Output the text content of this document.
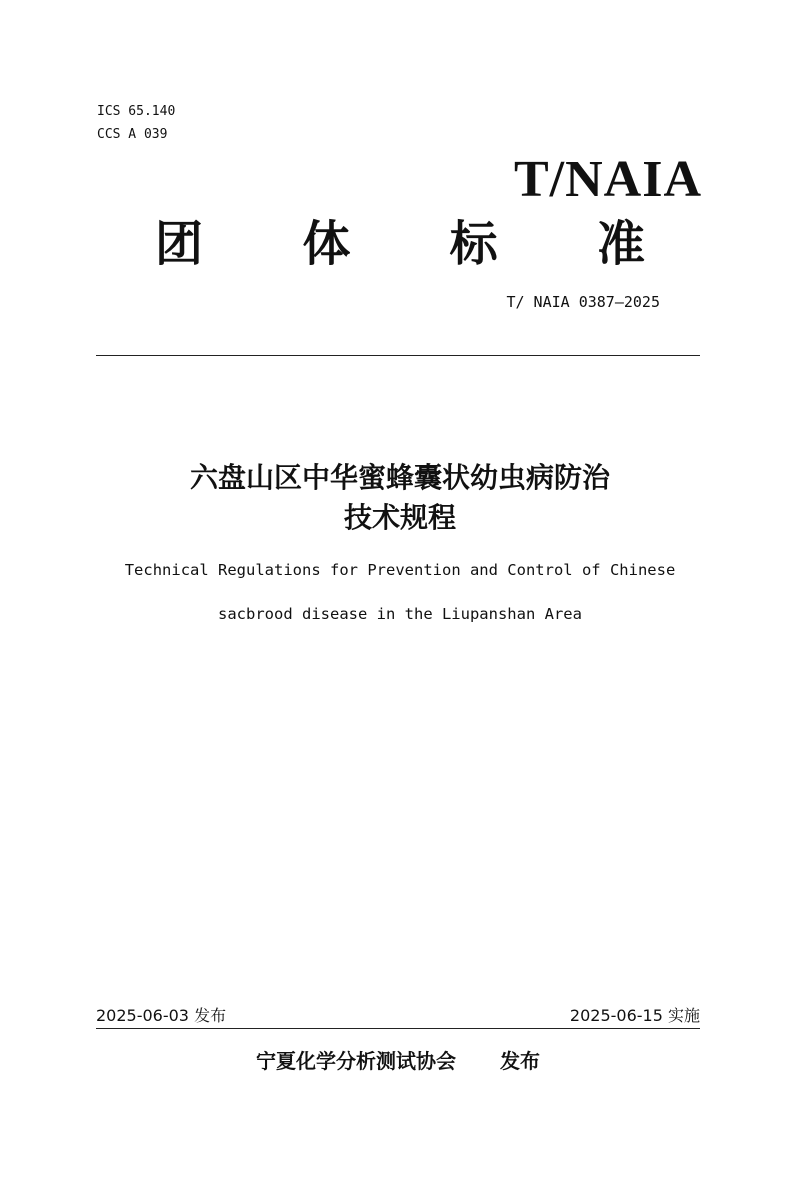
ICS 65.140
CCS A 039
T/NAIA
团 体 标 准
T/ NAIA 0387—2025
六盘山区中华蜜蜂囊状幼虫病防治
技术规程
Technical Regulations for Prevention and Control of Chinese
sacbrood disease in the Liupanshan Area
2025-06-03 发布	2025-06-15 实施
宁夏化学分析测试协会 发布
